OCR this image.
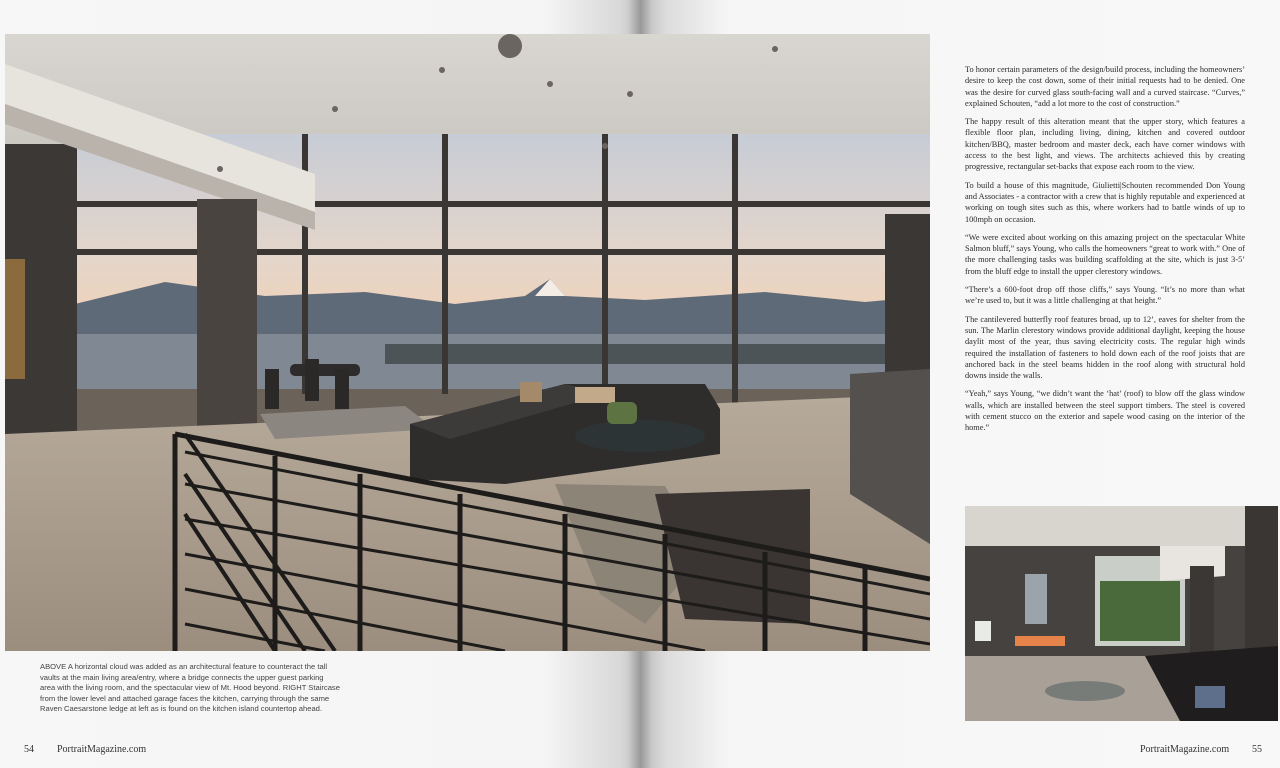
ABOVE A horizontal cloud was added as an architectural feature to counteract the tall vaults at the main living area/entry, where a bridge connects the upper guest parking area with the living room, and the spectacular view of Mt. Hood beyond. RIGHT Staircase from the lower level and attached garage faces the kitchen, carrying through the same Raven Caesarstone ledge at left as is found on the kitchen island countertop ahead.

54 PortraitMagazine.com

To honor certain parameters of the design/build process, including the homeowners’ desire to keep the cost down, some of their initial requests had to be denied. One was the desire for curved glass south-facing wall and a curved staircase. “Curves,” explained Schouten, “add a lot more to the cost of construction.”

The happy result of this alteration meant that the upper story, which features a flexible floor plan, including living, dining, kitchen and covered outdoor kitchen/BBQ, master bedroom and master deck, each have corner windows with access to the best light, and views. The architects achieved this by creating progressive, rectangular set-backs that expose each room to the view.

To build a house of this magnitude, Giulietti|Schouten recommended Don Young and Associates - a contractor with a crew that is highly reputable and experienced at working on tough sites such as this, where workers had to battle winds of up to 100mph on occasion.

“We were excited about working on this amazing project on the spectacular White Salmon bluff,” says Young, who calls the homeowners “great to work with.” One of the more challenging tasks was building scaffolding at the site, which is just 3-5’ from the bluff edge to install the upper clerestory windows.

“There’s a 600-foot drop off those cliffs,” says Young. “It’s no more than what we’re used to, but it was a little challenging at that height.”

The cantilevered butterfly roof features broad, up to 12’, eaves for shelter from the sun. The Marlin clerestory windows provide additional daylight, keeping the house daylit most of the year, thus saving electricity costs. The regular high winds required the installation of fasteners to hold down each of the roof joists that are anchored back in the steel beams hidden in the roof along with structural hold downs inside the walls.

“Yeah,” says Young, “we didn’t want the ‘hat’ (roof) to blow off the glass window walls, which are installed between the steel support timbers. The steel is covered with cement stucco on the exterior and sapele wood casing on the interior of the home.”

PortraitMagazine.com 55
